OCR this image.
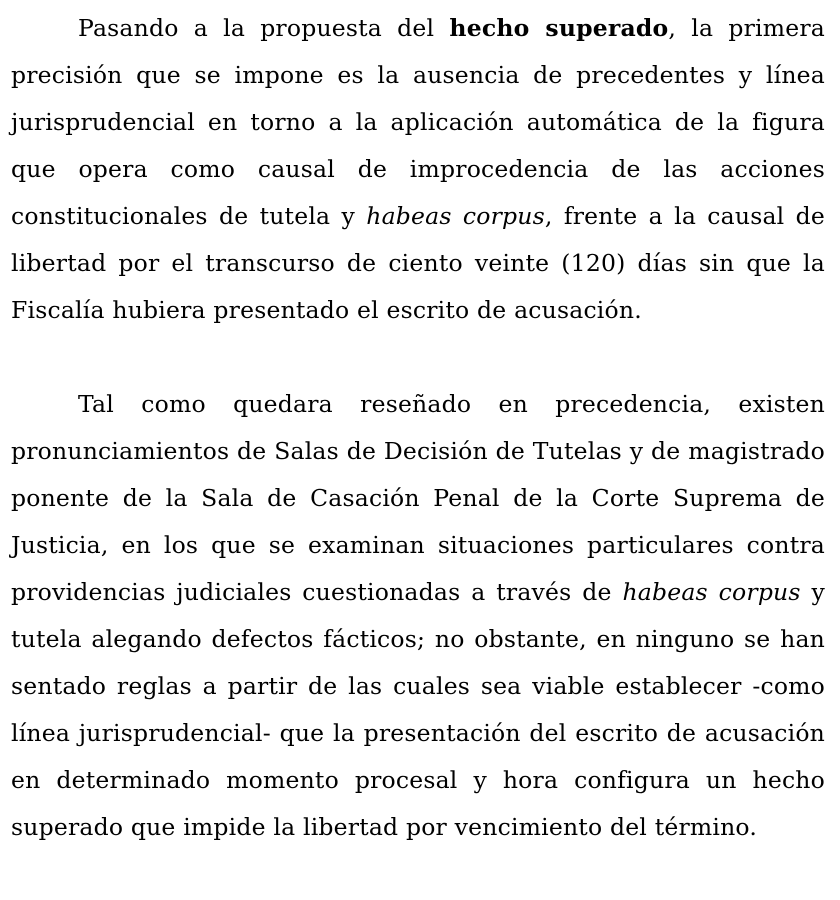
Pasando a la propuesta del hecho superado, la primera precisión que se impone es la ausencia de precedentes y línea jurisprudencial en torno a la aplicación automática de la figura que opera como causal de improcedencia de las acciones constitucionales de tutela y habeas corpus, frente a la causal de libertad por el transcurso de ciento veinte (120) días sin que la Fiscalía hubiera presentado el escrito de acusación.

Tal como quedara reseñado en precedencia, existen pronunciamientos de Salas de Decisión de Tutelas y de magistrado ponente de la Sala de Casación Penal de la Corte Suprema de Justicia, en los que se examinan situaciones particulares contra providencias judiciales cuestionadas a través de habeas corpus y tutela alegando defectos fácticos; no obstante, en ninguno se han sentado reglas a partir de las cuales sea viable establecer -como línea jurisprudencial- que la presentación del escrito de acusación en determinado momento procesal y hora configura un hecho superado que impide la libertad por vencimiento del término.
